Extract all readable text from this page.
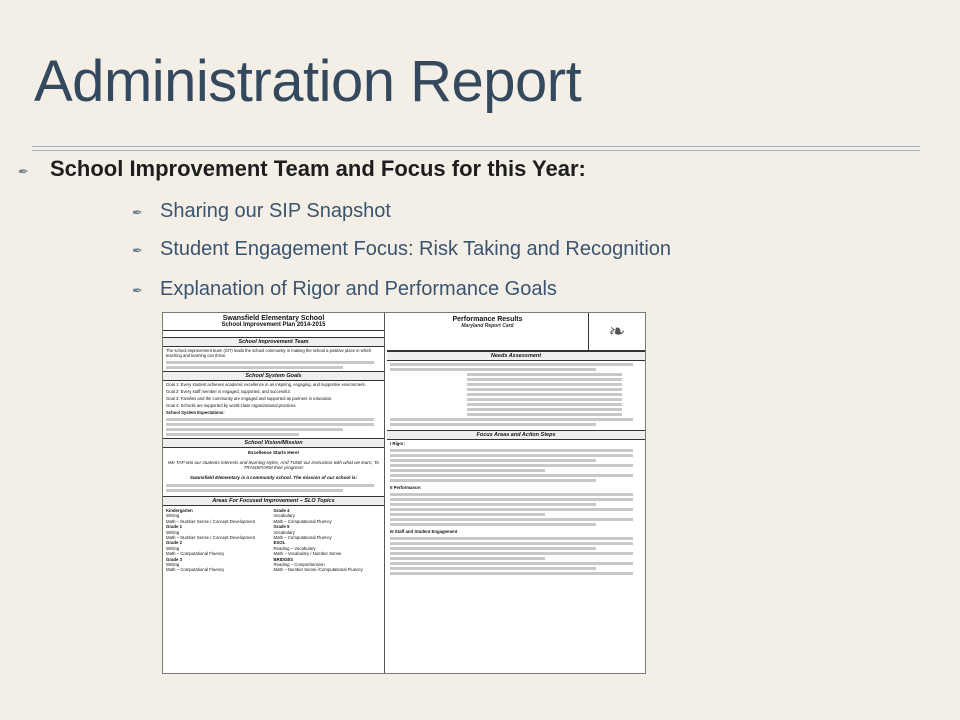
Administration Report
✒ School Improvement Team and Focus for this Year:
✒ Sharing our SIP Snapshot
✒ Student Engagement Focus: Risk Taking and Recognition
✒ Explanation of Rigor and Performance Goals
Swansfield Elementary School
School Improvement Plan 2014-2015
School Improvement Team
The school improvement team (SIT) leads the school community in making the school a positive place in which teaching and learning can thrive.
School System Goals
Goal 1: Every student achieves academic excellence in an inspiring, engaging, and supportive environment.
Goal 2: Every staff member is engaged, supported, and successful.
Goal 3: Families and the community are engaged and supported as partners in education.
Goal 4: Schools are supported by world-class organizational practices.
School System Expectations:
School Vision/Mission
Excellence Starts Here!
We TAP into our students interests and learning styles, And TUNE our instruction with what we learn, To TRANSFORM their progress!
Swansfield Elementary is a community school. The mission of our school is:
Areas For Focused Improvement – SLO Topics
Kindergarten
Writing
Math – Number Sense / Concept Development
Grade 1
Writing
Math – Number Sense / Concept Development
Grade 2
Writing
Math – Computational Fluency
Grade 3
Writing
Math – Computational Fluency
Grade 4
Vocabulary
Math – Computational Fluency
Grade 5
Vocabulary
Math – Computational Fluency
ESOL
Reading – Vocabulary
Math – Vocabulary / Number Sense
BRIDGES
Reading – Comprehension
Math – Number Sense /Computational Fluency
Performance Results
Maryland Report Card	❧
Needs Assessment
Focus Areas and Action Steps
I Rigor:
II Performance:
III Staff and Student Engagement
